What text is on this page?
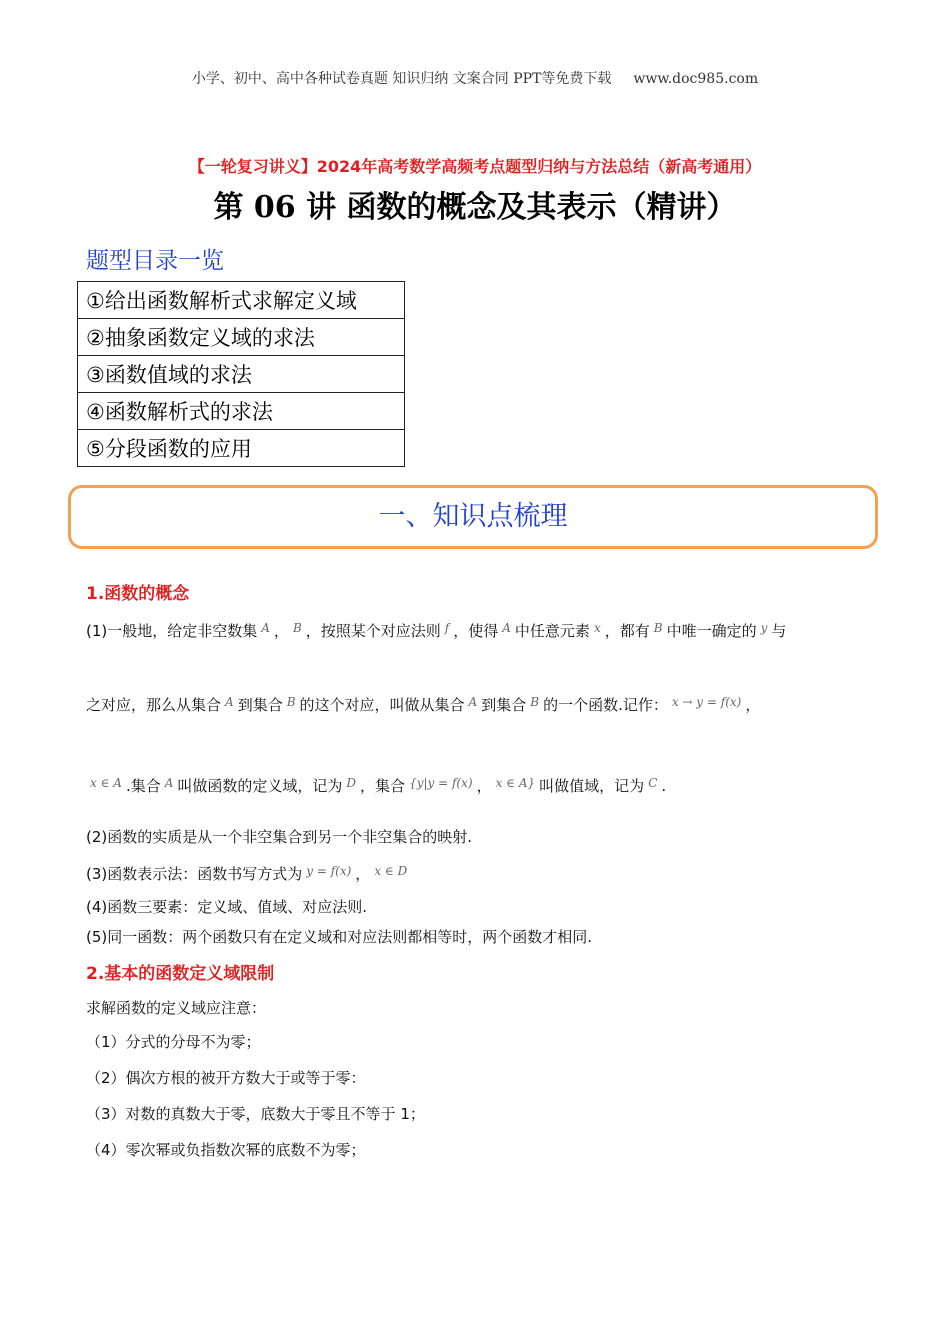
小学、初中、高中各种试卷真题 知识归纳 文案合同 PPT等免费下载 www.doc985.com
【一轮复习讲义】2024年高考数学高频考点题型归纳与方法总结（新高考通用）
第 06 讲 函数的概念及其表示（精讲）
题型目录一览
①给出函数解析式求解定义域
②抽象函数定义域的求法
③函数值域的求法
④函数解析式的求法
⑤分段函数的应用
一、知识点梳理
1.函数的概念
(1)一般地，给定非空数集 $^A$ ， $^B$ ，按照某个对应法则 $^f$ ，使得 $^A$ 中任意元素 $^x$ ，都有 $^B$ 中唯一确定的 $^y$ 与
之对应，那么从集合 $^A$ 到集合 $^B$ 的这个对应，叫做从集合 $^A$ 到集合 $^B$ 的一个函数.记作： $^{x \to y = f(x)}$ ，
$^{x \in A}$ .集合 $^A$ 叫做函数的定义域，记为 $^D$ ，集合 $^{\{y|y = f(x)}$ ， $^{x \in A\}}$ 叫做值域，记为 $^C$ .
(2)函数的实质是从一个非空集合到另一个非空集合的映射.
(3)函数表示法：函数书写方式为 $^{y = f(x)}$ ， $^{x \in D}$
(4)函数三要素：定义域、值域、对应法则.
(5)同一函数：两个函数只有在定义域和对应法则都相等时，两个函数才相同.
2.基本的函数定义域限制
求解函数的定义域应注意：
（1）分式的分母不为零；
（2）偶次方根的被开方数大于或等于零：
（3）对数的真数大于零，底数大于零且不等于 1；
（4）零次幂或负指数次幂的底数不为零；
